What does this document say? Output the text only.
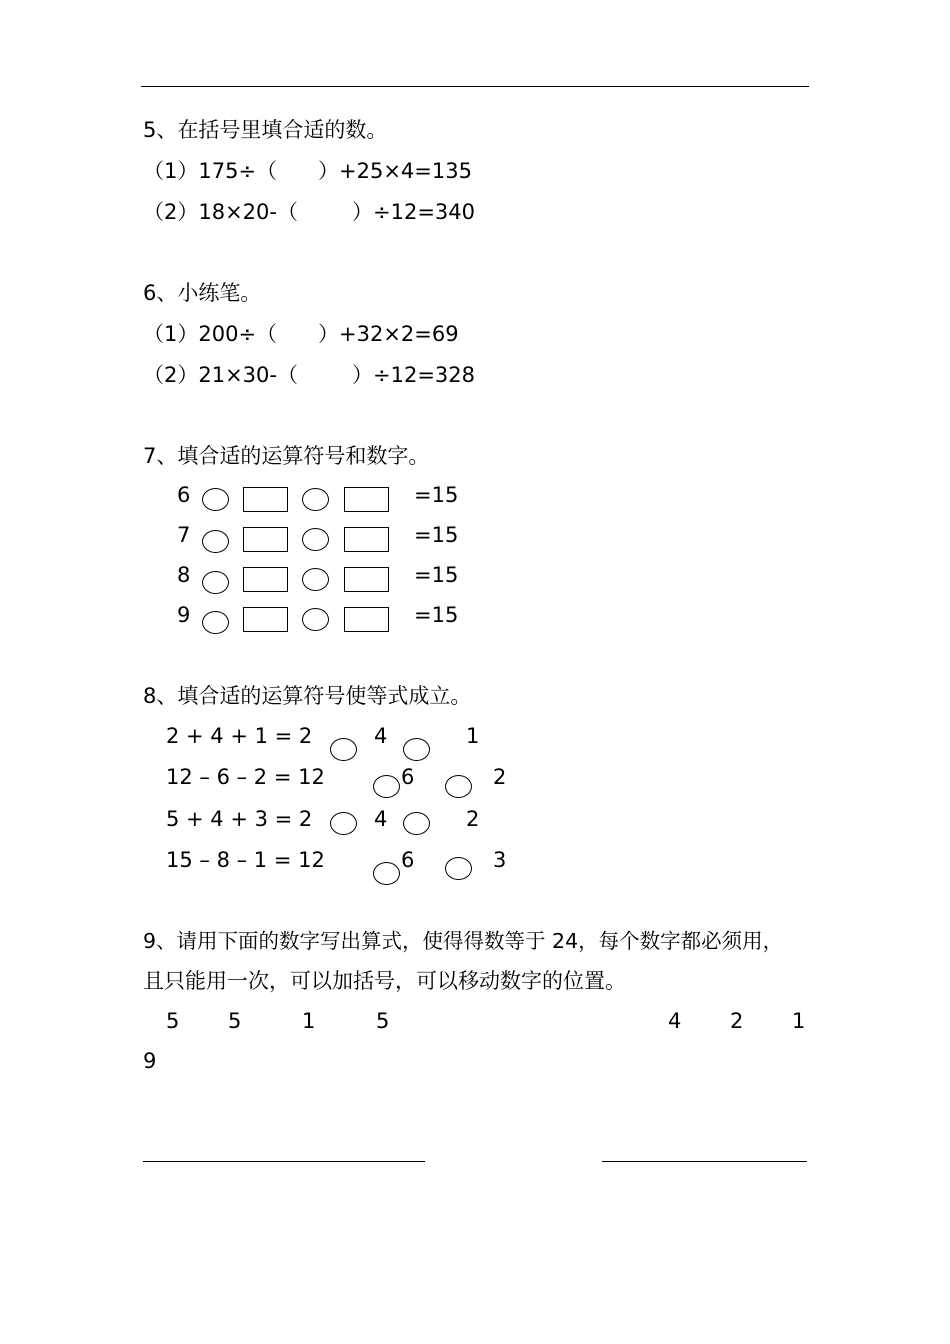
5、在括号里填合适的数。
（1）175÷（ ）+25×4=135
（2）18×20-（	）÷12=340
6、小练笔。
（1）200÷（ ）+32×2=69
（2）21×30-（	）÷12=328
7、填合适的运算符号和数字。
6	=15
7	=15
8	=15
9	=15
8、填合适的运算符号使等式成立。
2 + 4 + 1 = 2	4	1
12 – 6 – 2 = 12	6	2
5 + 4 + 3 = 2	4	2
15 – 8 – 1 = 12	6	3
9、请用下面的数字写出算式，使得得数等于 24，每个数字都必须用，
且只能用一次，可以加括号，可以移动数字的位置。
5 5	1	5	4 2 1
9
